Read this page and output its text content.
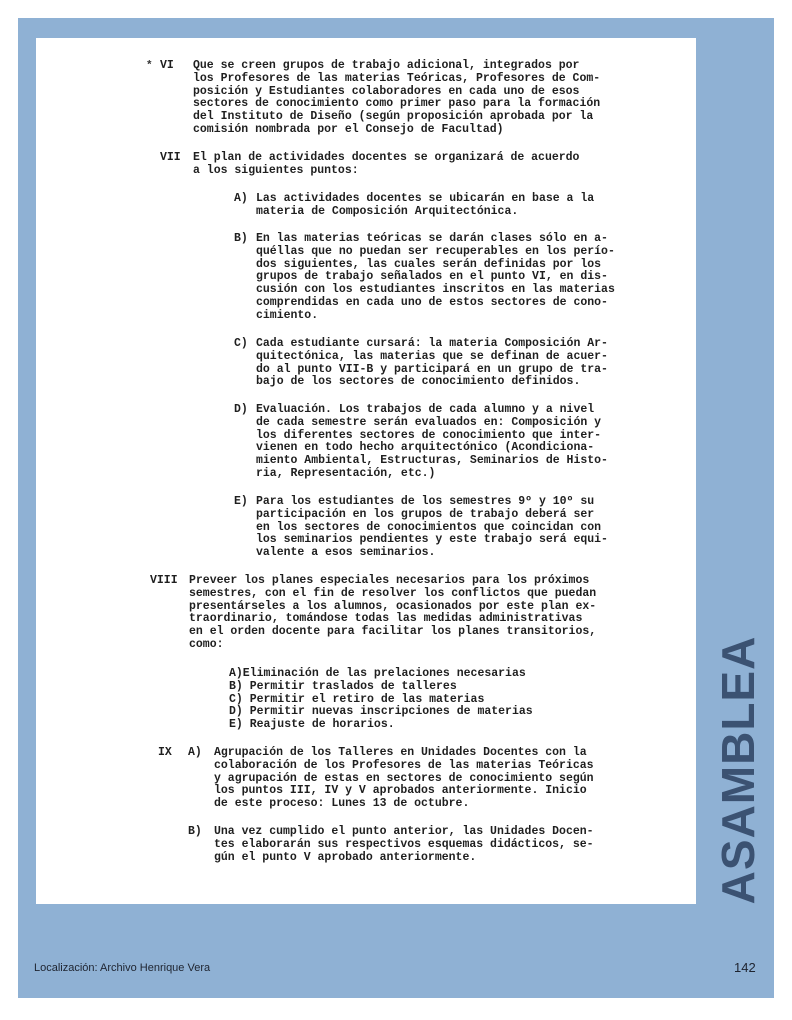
* VI Que se creen grupos de trabajo adicional, integrados por
los Profesores de las materias Teóricas, Profesores de Com-
posición y Estudiantes colaboradores en cada uno de esos
sectores de conocimiento como primer paso para la formación
del Instituto de Diseño (según proposición aprobada por la
comisión nombrada por el Consejo de Facultad)
VII El plan de actividades docentes se organizará de acuerdo
a los siguientes puntos:
A) Las actividades docentes se ubicarán en base a la
materia de Composición Arquitectónica.
B) En las materias teóricas se darán clases sólo en a-
quéllas que no puedan ser recuperables en los perío-
dos siguientes, las cuales serán definidas por los
grupos de trabajo señalados en el punto VI, en dis-
cusión con los estudiantes inscritos en las materias
comprendidas en cada uno de estos sectores de cono-
cimiento.
C) Cada estudiante cursará: la materia Composición Ar-
quitectónica, las materias que se definan de acuer-
do al punto VII-B y participará en un grupo de tra-
bajo de los sectores de conocimiento definidos.
D) Evaluación. Los trabajos de cada alumno y a nivel
de cada semestre serán evaluados en: Composición y
los diferentes sectores de conocimiento que inter-
vienen en todo hecho arquitectónico (Acondiciona-
miento Ambiental, Estructuras, Seminarios de Histo-
ria, Representación, etc.)
E) Para los estudiantes de los semestres 9º y 10º su
participación en los grupos de trabajo deberá ser
en los sectores de conocimientos que coincidan con
los seminarios pendientes y este trabajo será equi-
valente a esos seminarios.
VIII Preveer los planes especiales necesarios para los próximos
semestres, con el fin de resolver los conflictos que puedan
presentárseles a los alumnos, ocasionados por este plan ex-
traordinario, tomándose todas las medidas administrativas
en el orden docente para facilitar los planes transitorios,
como:
A)Eliminación de las prelaciones necesarias
B) Permitir traslados de talleres
C) Permitir el retiro de las materias
D) Permitir nuevas inscripciones de materias
E) Reajuste de horarios.
IX A) Agrupación de los Talleres en Unidades Docentes con la
colaboración de los Profesores de las materias Teóricas
y agrupación de estas en sectores de conocimiento según
los puntos III, IV y V aprobados anteriormente. Inicio
de este proceso: Lunes 13 de octubre.
B) Una vez cumplido el punto anterior, las Unidades Docen-
tes elaborarán sus respectivos esquemas didácticos, se-
gún el punto V aprobado anteriormente.	ASAMBLEA
Localización: Archivo Henrique Vera	142
